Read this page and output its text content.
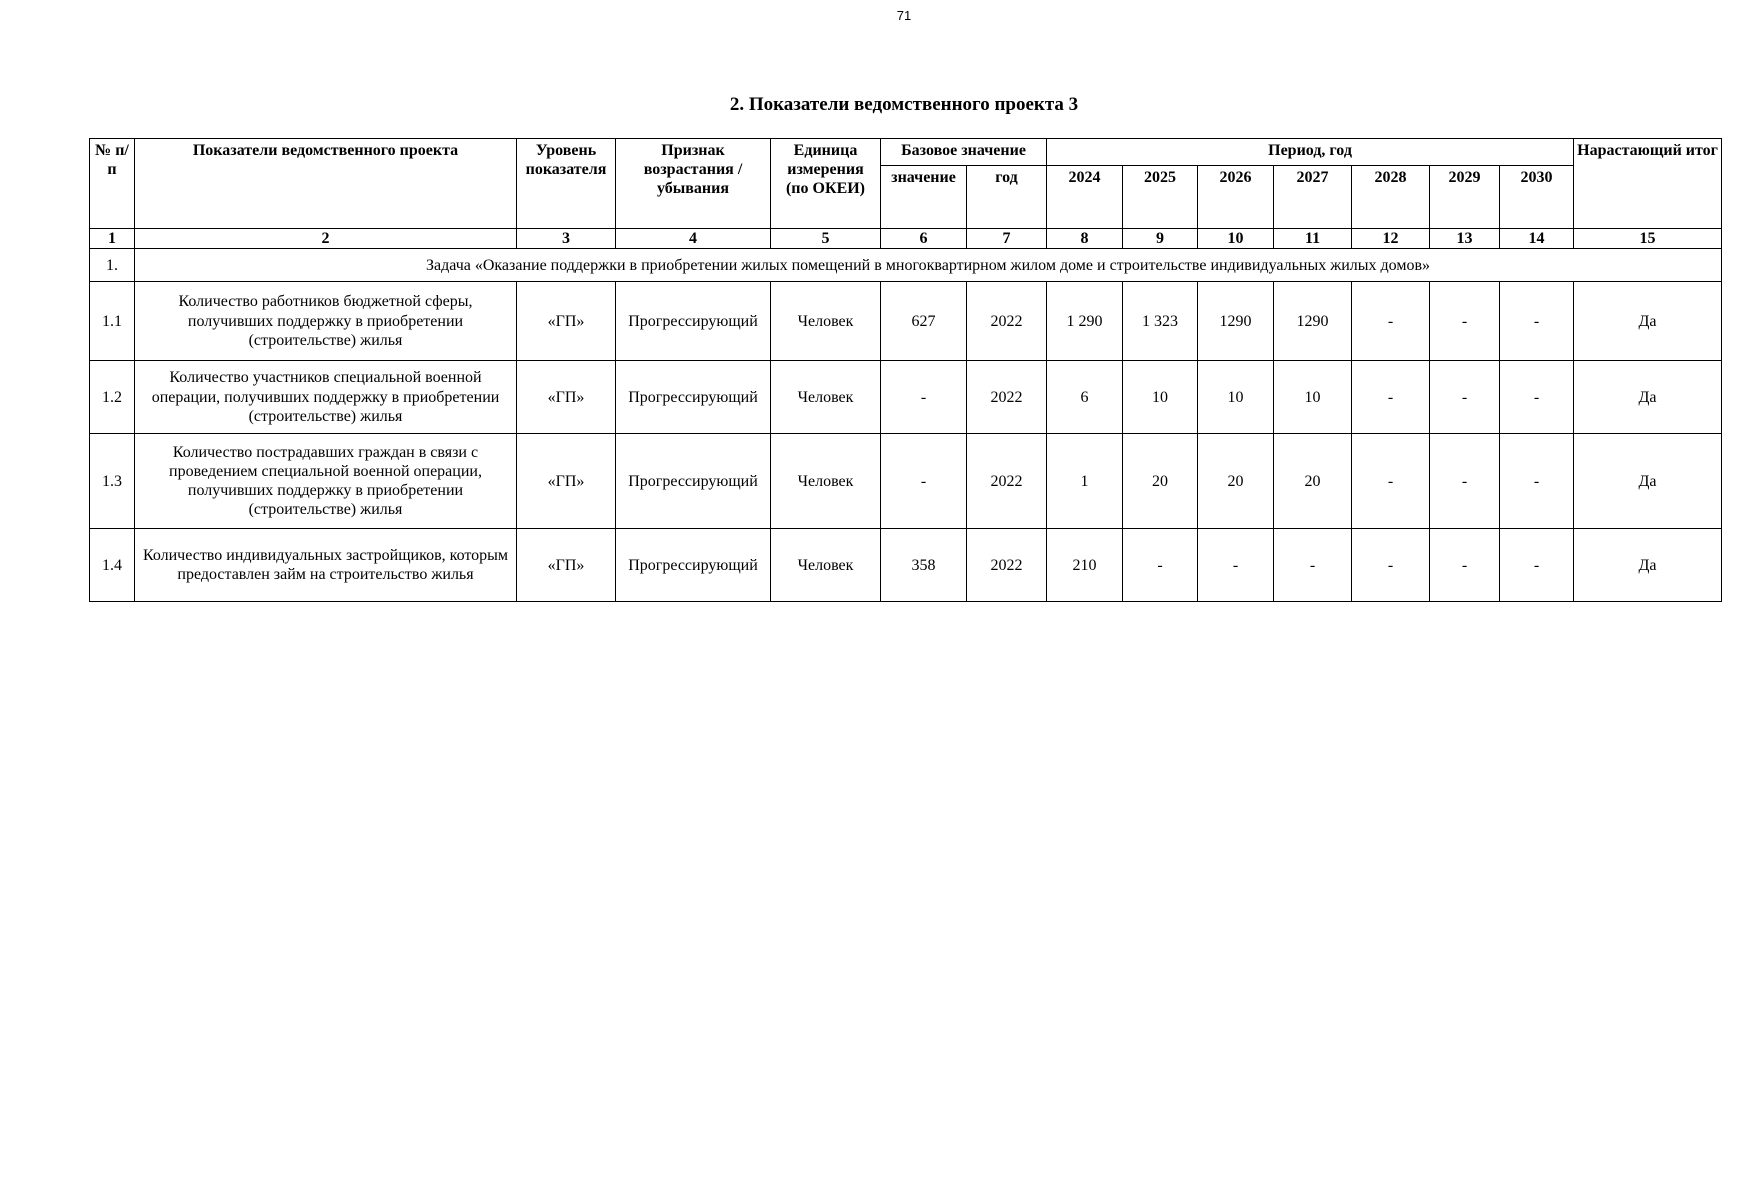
71
2. Показатели ведомственного проекта 3
№ п/п	Показатели ведомственного проекта	Уровень показателя	Признак возрастания / убывания	Единица измерения (по ОКЕИ)	Базовое значение		Период, год							Нарастающий итог
					значение	год	2024	2025	2026	2027	2028	2029	2030	
1	2	3	4	5	6	7	8	9	10	11	12	13	14	15
1.	Задача «Оказание поддержки в приобретении жилых помещений в многоквартирном жилом доме и строительстве индивидуальных жилых домов»													
1.1	Количество работников бюджетной сферы, получивших поддержку в приобретении (строительстве) жилья	«ГП»	Прогрессирующий	Человек	627	2022	1 290	1 323	1290	1290	-	-	-	Да
1.2	Количество участников специальной военной операции, получивших поддержку в приобретении (строительстве) жилья	«ГП»	Прогрессирующий	Человек	-	2022	6	10	10	10	-	-	-	Да
1.3	Количество пострадавших граждан в связи с проведением специальной военной операции, получивших поддержку в приобретении (строительстве) жилья	«ГП»	Прогрессирующий	Человек	-	2022	1	20	20	20	-	-	-	Да
1.4	Количество индивидуальных застройщиков, которым предоставлен займ на строительство жилья	«ГП»	Прогрессирующий	Человек	358	2022	210	-	-	-	-	-	-	Да
